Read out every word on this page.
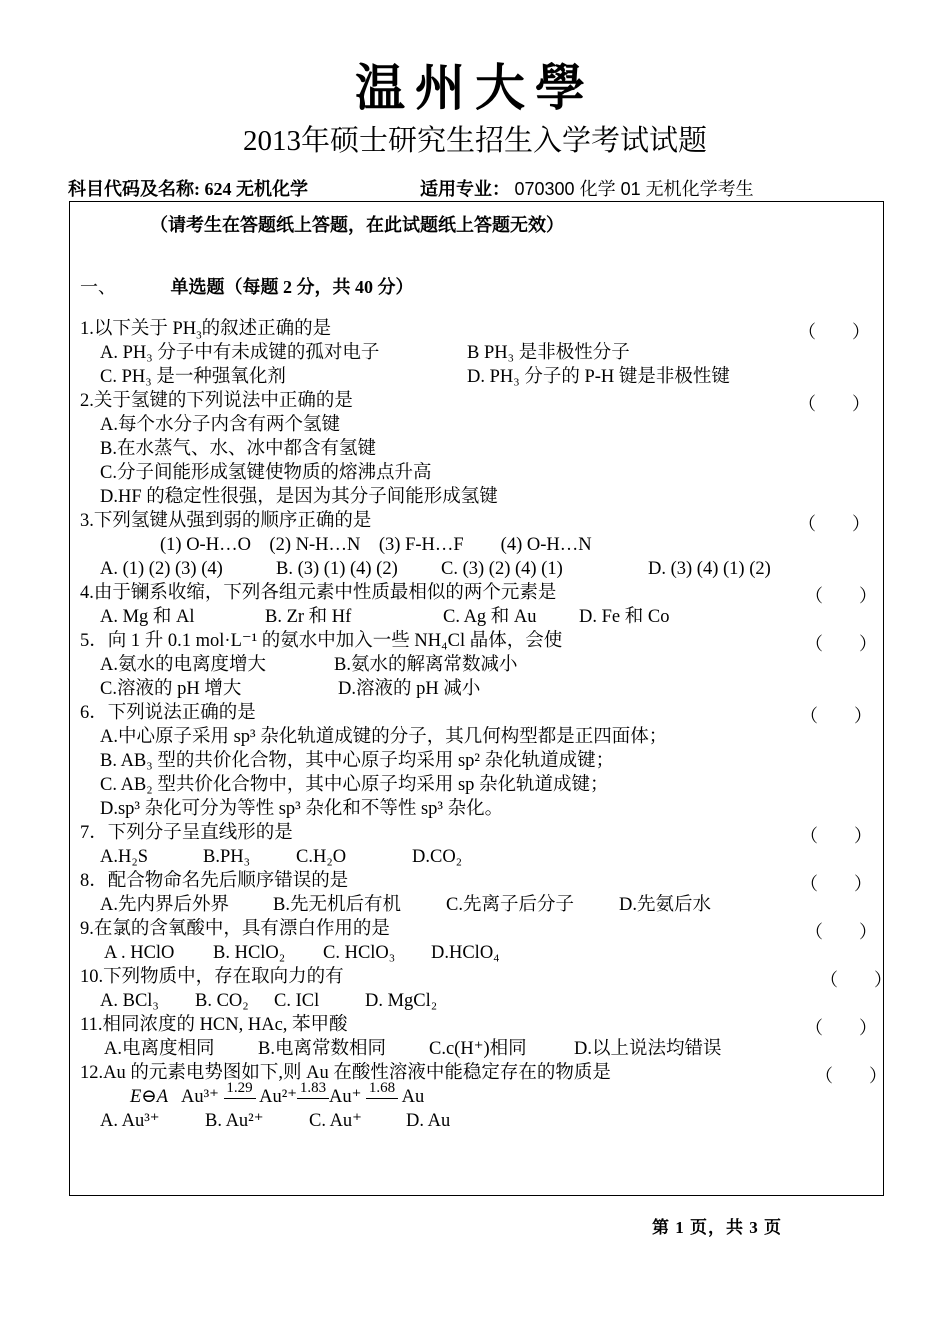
温州大學
2013年硕士研究生招生入学考试试题
科目代码及名称: 624 无机化学	适用专业： 070300 化学 01 无机化学考生
（请考生在答题纸上答题，在此试题纸上答题无效）
一、	单选题（每题 2 分，共 40 分）
1.以下关于 $PH_3$的叙述正确的是	（　　）
A. PH₃ 分子中有未成键的孤对电子	B PH₃ 是非极性分子
C. PH₃ 是一种强氧化剂	D. PH₃ 分子的 P-H 键是非极性键
2.关于氢键的下列说法中正确的是	（　　）
A.每个水分子内含有两个氢键
B.在水蒸气、水、冰中都含有氢键
C.分子间能形成氢键使物质的熔沸点升高
D.HF 的稳定性很强，是因为其分子间能形成氢键
3.下列氢键从强到弱的顺序正确的是	（　　）
(1) O-H…O　(2) N-H…N　(3) F-H…F　　(4) O-H…N
A. (1) (2) (3) (4)	B. (3) (1) (4) (2) C. (3) (2) (4) (1)	D. (3) (4) (1) (2)
4.由于镧系收缩，下列各组元素中性质最相似的两个元素是	（　　）
A. Mg 和 Al	B. Zr 和 Hf	C. Ag 和 Au D. Fe 和 Co
5．向 1 升 0.1 mol·L⁻¹ 的氨水中加入一些 NH₄Cl 晶体，会使	（　　）
A.氨水的电离度增大	B.氨水的解离常数减小
C.溶液的 pH 增大	D.溶液的 pH 减小
6．下列说法正确的是	（　　）
A.中心原子采用 sp³ 杂化轨道成键的分子，其几何构型都是正四面体；
B. AB₃ 型的共价化合物，其中心原子均采用 sp² 杂化轨道成键；
C. AB₂ 型共价化合物中，其中心原子均采用 sp 杂化轨道成键；
D.sp³ 杂化可分为等性 sp³ 杂化和不等性 sp³ 杂化。
7．下列分子呈直线形的是	（　　）
A.H₂S	B.PH₃ C.H₂O	D.CO₂
8．配合物命名先后顺序错误的是	（　　）
A.先内界后外界 B.先无机后有机 C.先离子后分子 D.先氨后水
9.在氯的含氧酸中，具有漂白作用的是	（　　）
A . HClO B. HClO₂ C. HClO₃ D.HClO₄
10.下列物质中，存在取向力的有	（　　）
A. BCl₃ B. CO₂ C. ICl D. MgCl₂
11.相同浓度的 HCN, HAc, 苯甲酸	（　　）
A.电离度相同 B.电离常数相同 C.c(H⁺)相同	D.以上说法均错误
12.Au 的元素电势图如下,则 Au 在酸性溶液中能稳定存在的物质是	（　　）
E⊖A Au³⁺ 1.29 Au²⁺ 1.83 Au⁺ 1.68 Au
A. Au³⁺ B. Au²⁺ C. Au⁺ D. Au
第 1 页，共 3 页
